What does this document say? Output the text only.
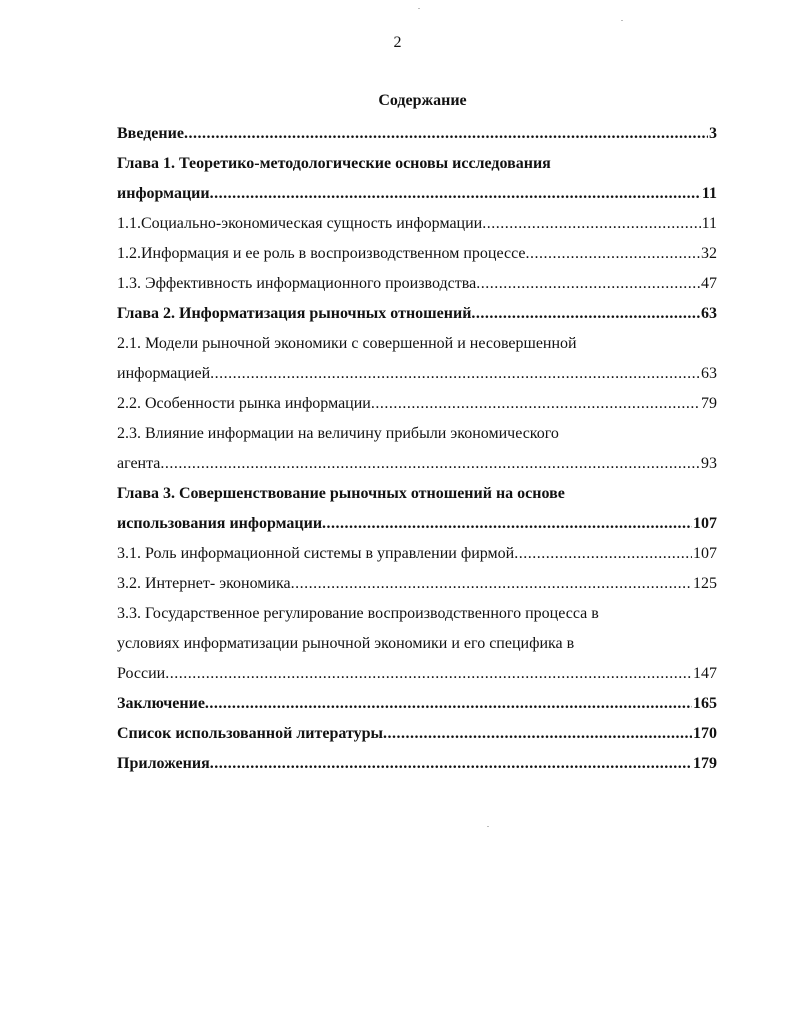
2
Содержание
Введение .....	3
Глава 1. Теоретико-методологические основы исследования
информации .....	11
1.1.Социально-экономическая сущность информации .....	11
1.2.Информация и ее роль в воспроизводственном процессе .....	32
1.3. Эффективность информационного производства .....	47
Глава 2. Информатизация рыночных отношений .....	63
2.1. Модели рыночной экономики с совершенной и несовершенной
информацией .....	63
2.2. Особенности рынка информации .....	79
2.3. Влияние информации на величину прибыли экономического
агента .....	93
Глава 3. Совершенствование рыночных отношений на основе
использования информации .....	107
3.1. Роль информационной системы в управлении фирмой .....	107
3.2. Интернет- экономика .....	125
3.3. Государственное регулирование воспроизводственного процесса в
условиях информатизации рыночной экономики и его специфика в
России .....	147
Заключение .....	165
Список использованной литературы .....	170
Приложения .....	179
